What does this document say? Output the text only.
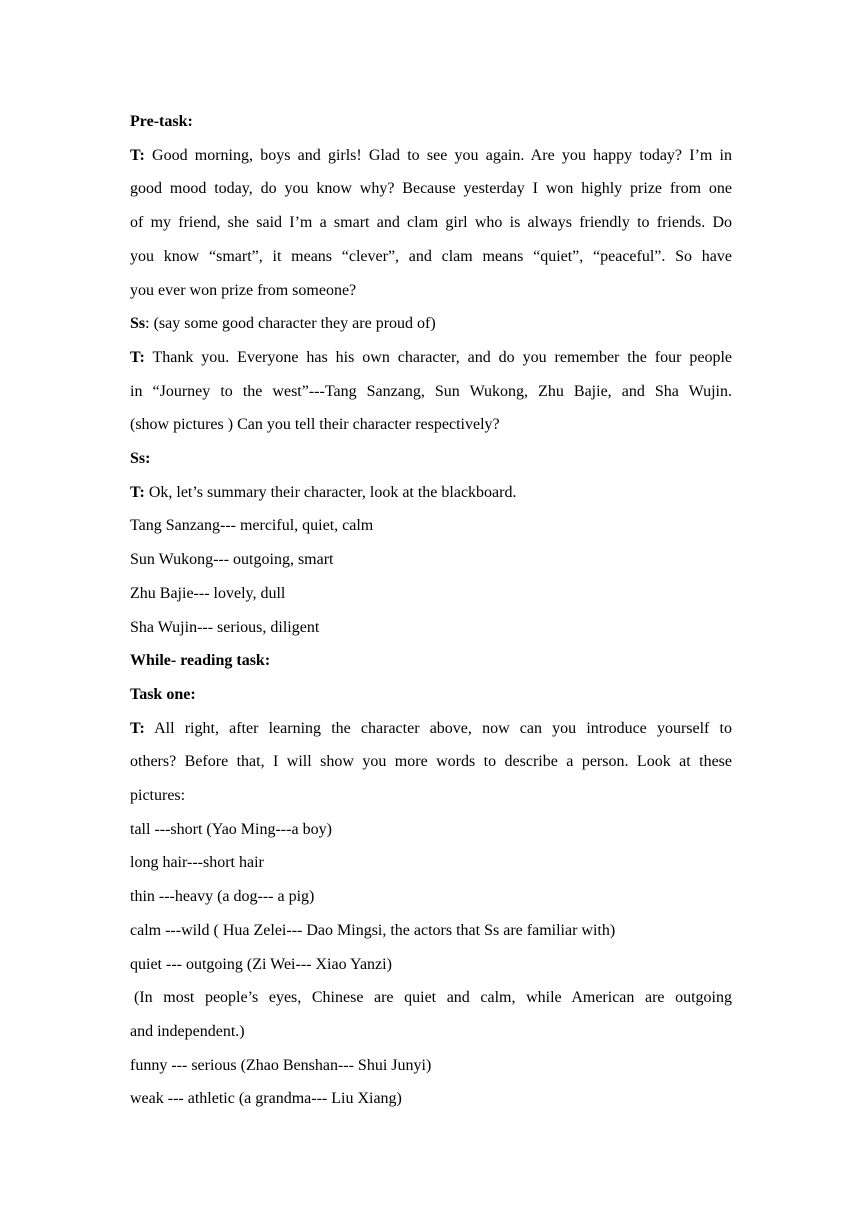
Pre-task:
T: Good morning, boys and girls! Glad to see you again. Are you happy today? I’m in
good mood today, do you know why? Because yesterday I won highly prize from one
of my friend, she said I’m a smart and clam girl who is always friendly to friends. Do
you know “smart”, it means “clever”, and clam means “quiet”, “peaceful”. So have
you ever won prize from someone?
Ss: (say some good character they are proud of)
T: Thank you. Everyone has his own character, and do you remember the four people
in “Journey to the west”---Tang Sanzang, Sun Wukong, Zhu Bajie, and Sha Wujin.
(show pictures ) Can you tell their character respectively?
Ss:
T: Ok, let’s summary their character, look at the blackboard.
Tang Sanzang--- merciful, quiet, calm
Sun Wukong--- outgoing, smart
Zhu Bajie--- lovely, dull
Sha Wujin--- serious, diligent
While- reading task:
Task one:
T: All right, after learning the character above, now can you introduce yourself to
others? Before that, I will show you more words to describe a person. Look at these
pictures:
tall ---short (Yao Ming---a boy)
long hair---short hair
thin ---heavy (a dog--- a pig)
calm ---wild ( Hua Zelei--- Dao Mingsi, the actors that Ss are familiar with)
quiet --- outgoing (Zi Wei--- Xiao Yanzi)
(In most people’s eyes, Chinese are quiet and calm, while American are outgoing
and independent.)
funny --- serious (Zhao Benshan--- Shui Junyi)
weak --- athletic (a grandma--- Liu Xiang)
